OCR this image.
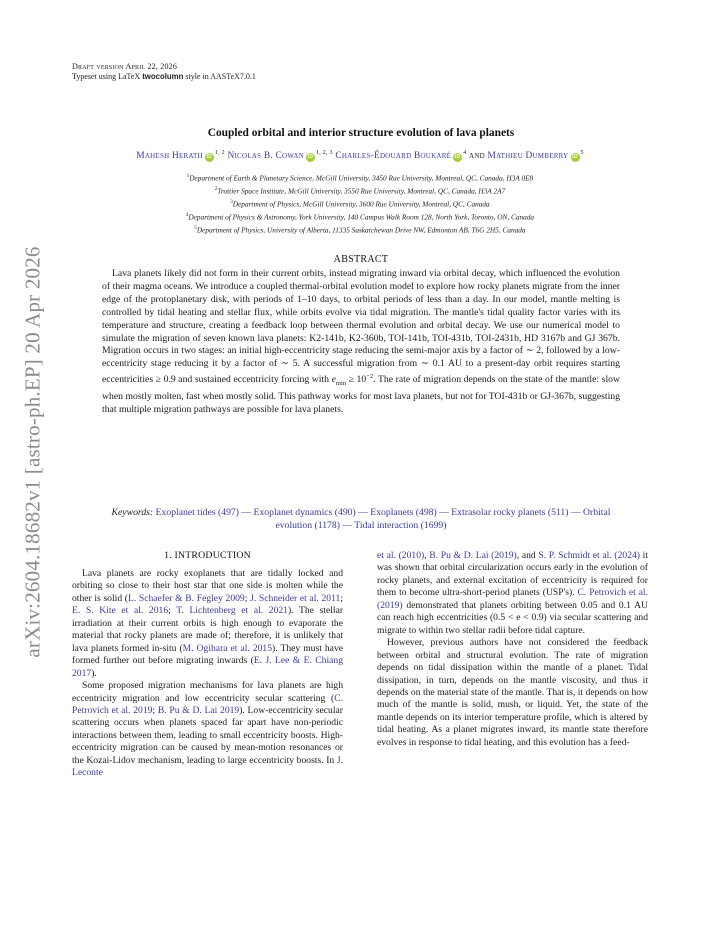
arXiv:2604.18682v1 [astro-ph.EP] 20 Apr 2026
Draft version April 22, 2026
Typeset using LaTeX twocolumn style in AASTeX7.0.1
Coupled orbital and interior structure evolution of lava planets
Mahesh Herath iD$^{1, 2}$ Nicolas B. Cowan iD$^{1, 2, 3}$ Charles-Édouard Boukaré $iD^4$ and Mathieu Dumberry $iD^5$
$^1$Department of Earth & Planetary Science, McGill University, 3450 Rue University, Montreal, QC, Canada, H3A 0E8
$^2$Trottier Space Institute, McGill University, 3550 Rue University, Montreal, QC, Canada, H3A 2A7
$^3$Department of Physics, McGill University, 3600 Rue University, Montreal, QC, Canada
$^4$Department of Physics & Astronomy, York University, 140 Campus Walk Room 128, North York, Toronto, ON, Canada
$^5$Department of Physics, University of Alberta, 11335 Saskatchewan Drive NW, Edmonton AB, T6G 2H5, Canada
ABSTRACT

Lava planets likely did not form in their current orbits, instead migrating inward via orbital decay, which influenced the evolution of their magma oceans. We introduce a coupled thermal-orbital evolution model to explore how rocky planets migrate from the inner edge of the protoplanetary disk, with periods of 1–10 days, to orbital periods of less than a day. In our model, mantle melting is controlled by tidal heating and stellar flux, while orbits evolve via tidal migration. The mantle's tidal quality factor varies with its temperature and structure, creating a feedback loop between thermal evolution and orbital decay. We use our numerical model to simulate the migration of seven known lava planets: K2-141b, K2-360b, TOI-141b, TOI-431b, TOI-2431b, HD 3167b and GJ 367b. Migration occurs in two stages: an initial high-eccentricity stage reducing the semi-major axis by a factor of ∼ 2, followed by a low-eccentricity stage reducing it by a factor of ∼ 5. A successful migration from ∼ 0.1 AU to a present-day orbit requires starting eccentricities ≥ 0.9 and sustained eccentricity forcing with $e_{min} \ge 10^{-2}$. The rate of migration depends on the state of the mantle: slow when mostly molten, fast when mostly solid. This pathway works for most lava planets, but not for TOI-431b or GJ-367b, suggesting that multiple migration pathways are possible for lava planets.

Keywords: Exoplanet tides (497) — Exoplanet dynamics (490) — Exoplanets (498) — Extrasolar rocky planets (511) — Orbital evolution (1178) — Tidal interaction (1699)
1. INTRODUCTION

Lava planets are rocky exoplanets that are tidally locked and orbiting so close to their host star that one side is molten while the other is solid (L. Schaefer & B. Fegley 2009; J. Schneider et al. 2011; E. S. Kite et al. 2016; T. Lichtenberg et al. 2021). The stellar irradiation at their current orbits is high enough to evaporate the material that rocky planets are made of; therefore, it is unlikely that lava planets formed in-situ (M. Ogihara et al. 2015). They must have formed further out before migrating inwards (E. J. Lee & E. Chiang 2017).

Some proposed migration mechanisms for lava planets are high eccentricity migration and low eccentricity secular scattering (C. Petrovich et al. 2019; B. Pu & D. Lai 2019). Low-eccentricity secular scattering occurs when planets spaced far apart have non-periodic interactions between them, leading to small eccentricity boosts. High-eccentricity migration can be caused by mean-motion resonances or the Kozai-Lidov mechanism, leading to large eccentricity boosts. In J. Leconte

et al. (2010), B. Pu & D. Lai (2019), and S. P. Schmidt et al. (2024) it was shown that orbital circularization occurs early in the evolution of rocky planets, and external excitation of eccentricity is required for them to become ultra-short-period planets (USP's). C. Petrovich et al. (2019) demonstrated that planets orbiting between 0.05 and 0.1 AU can reach high eccentricities (0.5 < e < 0.9) via secular scattering and migrate to within two stellar radii before tidal capture.

However, previous authors have not considered the feedback between orbital and structural evolution. The rate of migration depends on tidal dissipation within the mantle of a planet. Tidal dissipation, in turn, depends on the mantle viscosity, and thus it depends on the material state of the mantle. That is, it depends on how much of the mantle is solid, mush, or liquid. Yet, the state of the mantle depends on its interior temperature profile, which is altered by tidal heating. As a planet migrates inward, its mantle state therefore evolves in response to tidal heating, and this evolution has a feed-
